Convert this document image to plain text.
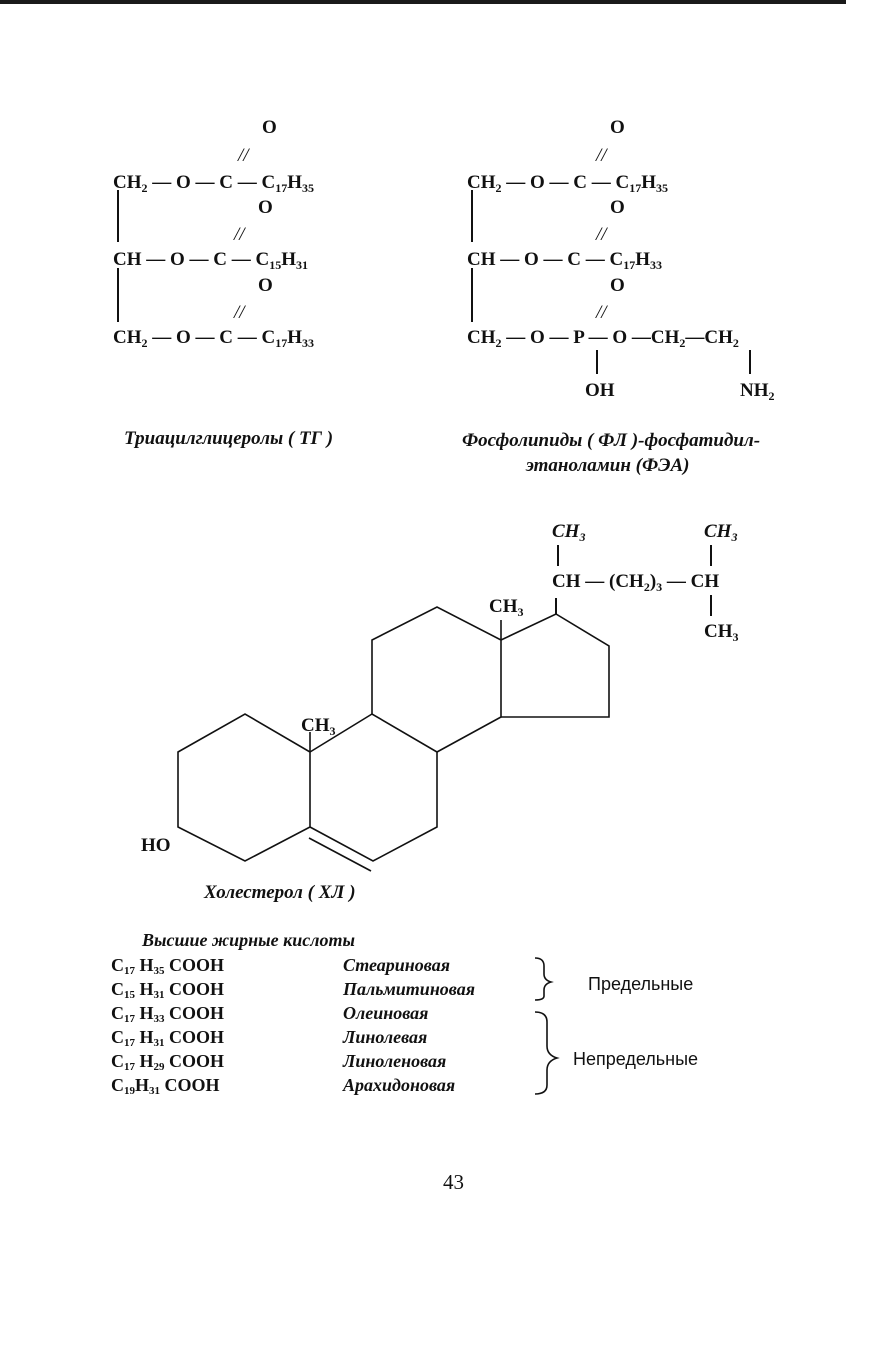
O
//
$CH_2$ — O — C — $C_{17}H_{35}$
O
//
CH — O — C — $C_{15}H_{31}$
O
//
$CH_2$ — O — C — $C_{17}H_{33}$
Триацилглицеролы ( ТГ )
O
//
$CH_2$ — O — C — $C_{17}H_{35}$
O
//
CH — O — C — $C_{17}H_{33}$
O
//
$CH_2$ — O — P — O $—CH_2—CH_2$
OH	$NH_2$
Фосфолипиды ( ФЛ )-фосфатидил-
этаноламин (ФЭА)
$CH_3$	$CH_3$
CH — $(CH_2)_3$ — CH
$CH_3$
$CH_3$
$CH_3$
HO
Холестерол ( ХЛ )
Высшие жирные кислоты
$C_{17}$ $H_{35}$ COOH	Стеариновая
$C_{15}$ $H_{31}$ COOH	Пальмитиновая
$C_{17}$ $H_{33}$ COOH	Олеиновая
$C_{17}$ $H_{31}$ COOH	Линолевая
$C_{17}$ $H_{29}$ COOH	Линоленовая
$C_{19}H_{31}$ COOH	Арахидоновая
Предельные
Непредельные
43
